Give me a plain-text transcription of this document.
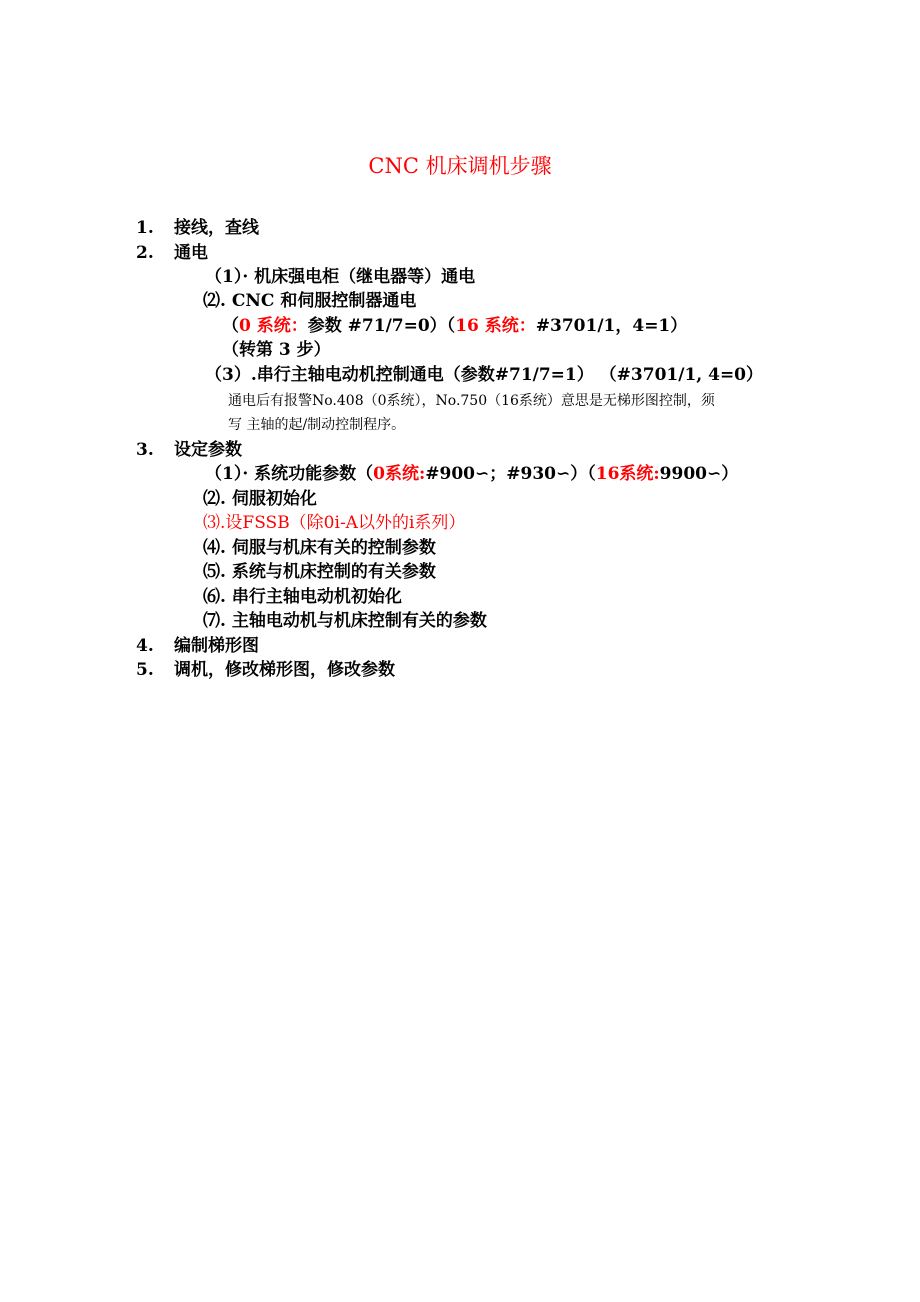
CNC 机床调机步骤
1. 接线，查线
2. 通电
（1）· 机床强电柜（继电器等）通电
⑵. CNC 和伺服控制器通电
（0 系统：参数 #71/7=0）（16 系统：#3701/1，4=1）
（转第 3 步）
（3）.串行主轴电动机控制通电（参数#71/7=1） （#3701/1, 4=0）
通电后有报警No.408（0系统），No.750（16系统）意思是无梯形图控制，须
写 主轴的起/制动控制程序。
3. 设定参数
（1）· 系统功能参数（0系统:#900∽；#930∽）（16系统:9900∽）
⑵. 伺服初始化
⑶.设FSSB（除0i-A以外的i系列）
⑷. 伺服与机床有关的控制参数
⑸. 系统与机床控制的有关参数
⑹. 串行主轴电动机初始化
⑺. 主轴电动机与机床控制有关的参数
4. 编制梯形图
5. 调机，修改梯形图，修改参数
